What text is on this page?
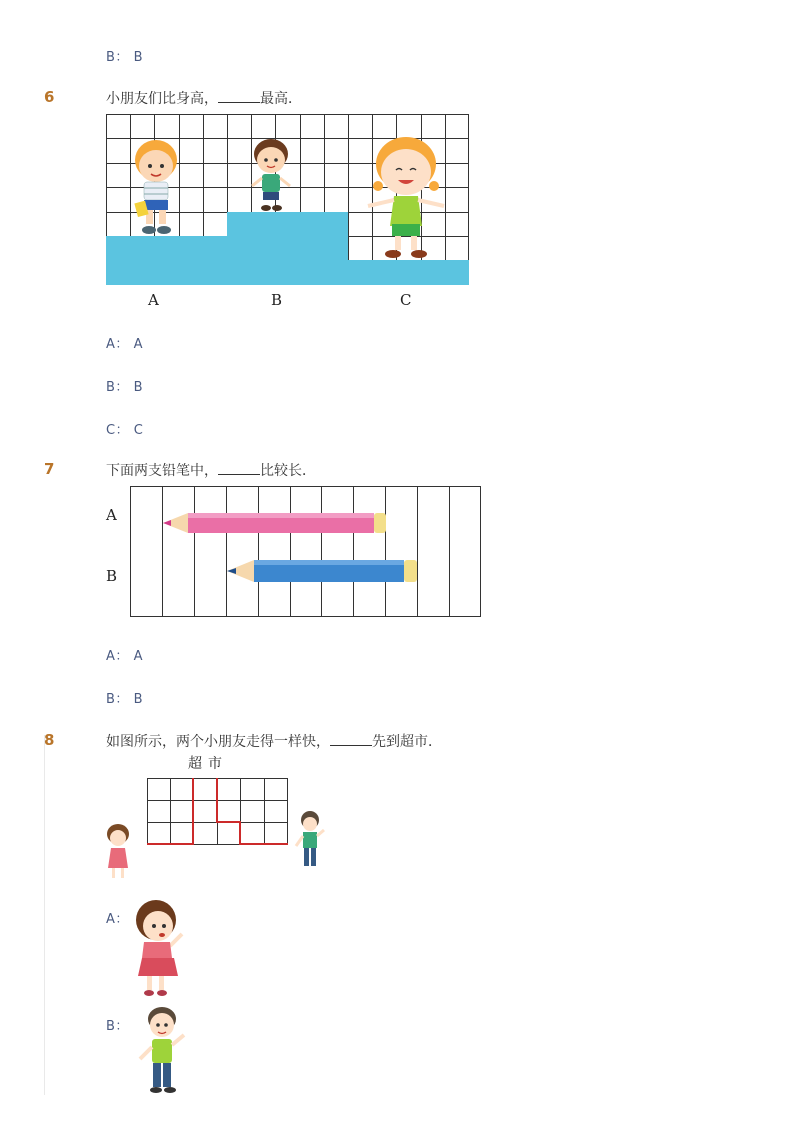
B： B
6	小朋友们比身高，	最高．
A	B	C
A： A
B： B
C： C
7	下面两支铅笔中，	比较长．
A
B
A： A
B： B
8	如图所示，两个小朋友走得一样快，	先到超市．
超市
A：
B：
